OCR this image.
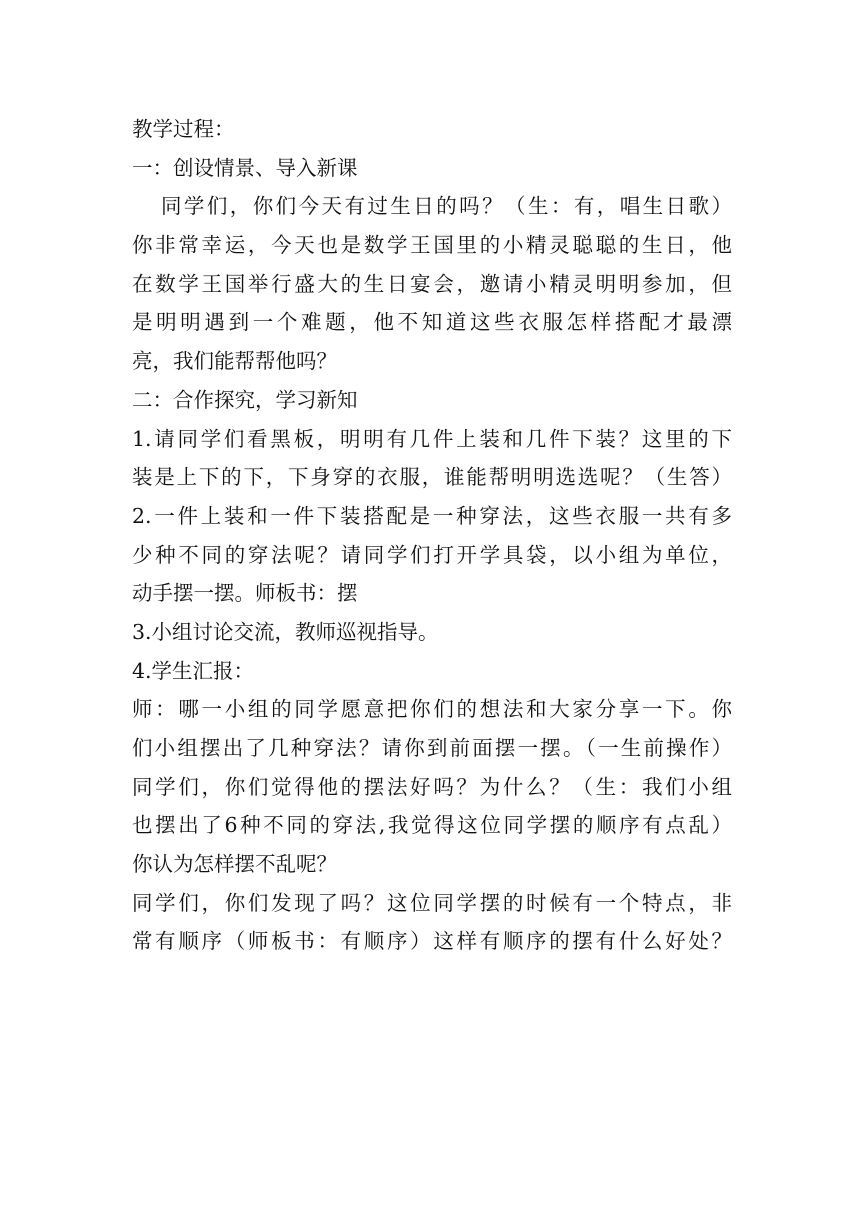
教学过程：
一：创设情景、导入新课
同学们，你们今天有过生日的吗？（生：有，唱生日歌）
你非常幸运，今天也是数学王国里的小精灵聪聪的生日，他
在数学王国举行盛大的生日宴会，邀请小精灵明明参加，但
是明明遇到一个难题，他不知道这些衣服怎样搭配才最漂
亮，我们能帮帮他吗？
二：合作探究，学习新知
1.请同学们看黑板，明明有几件上装和几件下装？这里的下
装是上下的下，下身穿的衣服，谁能帮明明选选呢？（生答）
2.一件上装和一件下装搭配是一种穿法，这些衣服一共有多
少种不同的穿法呢？请同学们打开学具袋，以小组为单位，
动手摆一摆。师板书：摆
3.小组讨论交流，教师巡视指导。
4.学生汇报：
师：哪一小组的同学愿意把你们的想法和大家分享一下。你
们小组摆出了几种穿法？请你到前面摆一摆。（一生前操作）
同学们，你们觉得他的摆法好吗？为什么？（生：我们小组
也摆出了6种不同的穿法,我觉得这位同学摆的顺序有点乱）
你认为怎样摆不乱呢？
同学们，你们发现了吗？这位同学摆的时候有一个特点，非
常有顺序（师板书：有顺序）这样有顺序的摆有什么好处？
